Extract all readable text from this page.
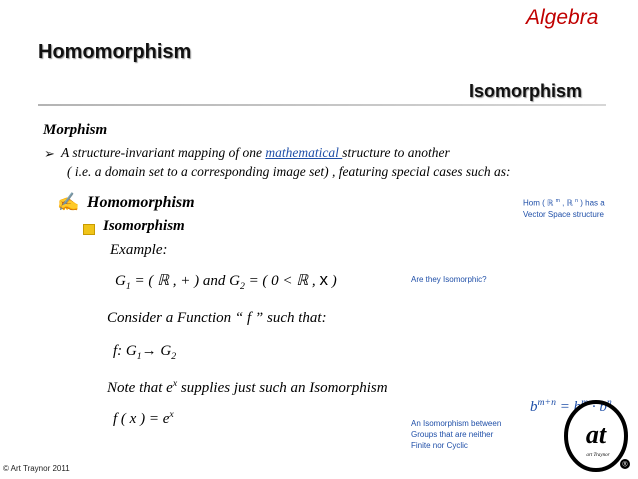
Algebra
Homomorphism
Isomorphism
Morphism
➢ A structure-invariant mapping of one mathematical structure to another
( i.e. a domain set to a corresponding image set) , featuring special cases such as:
✍ Homomorphism
Isomorphism
Example:
$G_1$ = ( ℝ , + ) and $G_2$ = ( 0 < ℝ , x )	Are they Isomorphic?
Consider a Function “ f ” such that:
f: $G_1\to G_2$
Note that $e^x$ supplies just such an Isomorphism
f ( x ) = $e^x$
Hom ( ℝ $^m$ , ℝ $^n$ ) has a
Vector Space structure
$b^{m+n} = b^m \cdot b^n$
An Isomorphism between
Groups that are neither
Finite nor Cyclic
© Art Traynor 2011
at
art Traynor
®
